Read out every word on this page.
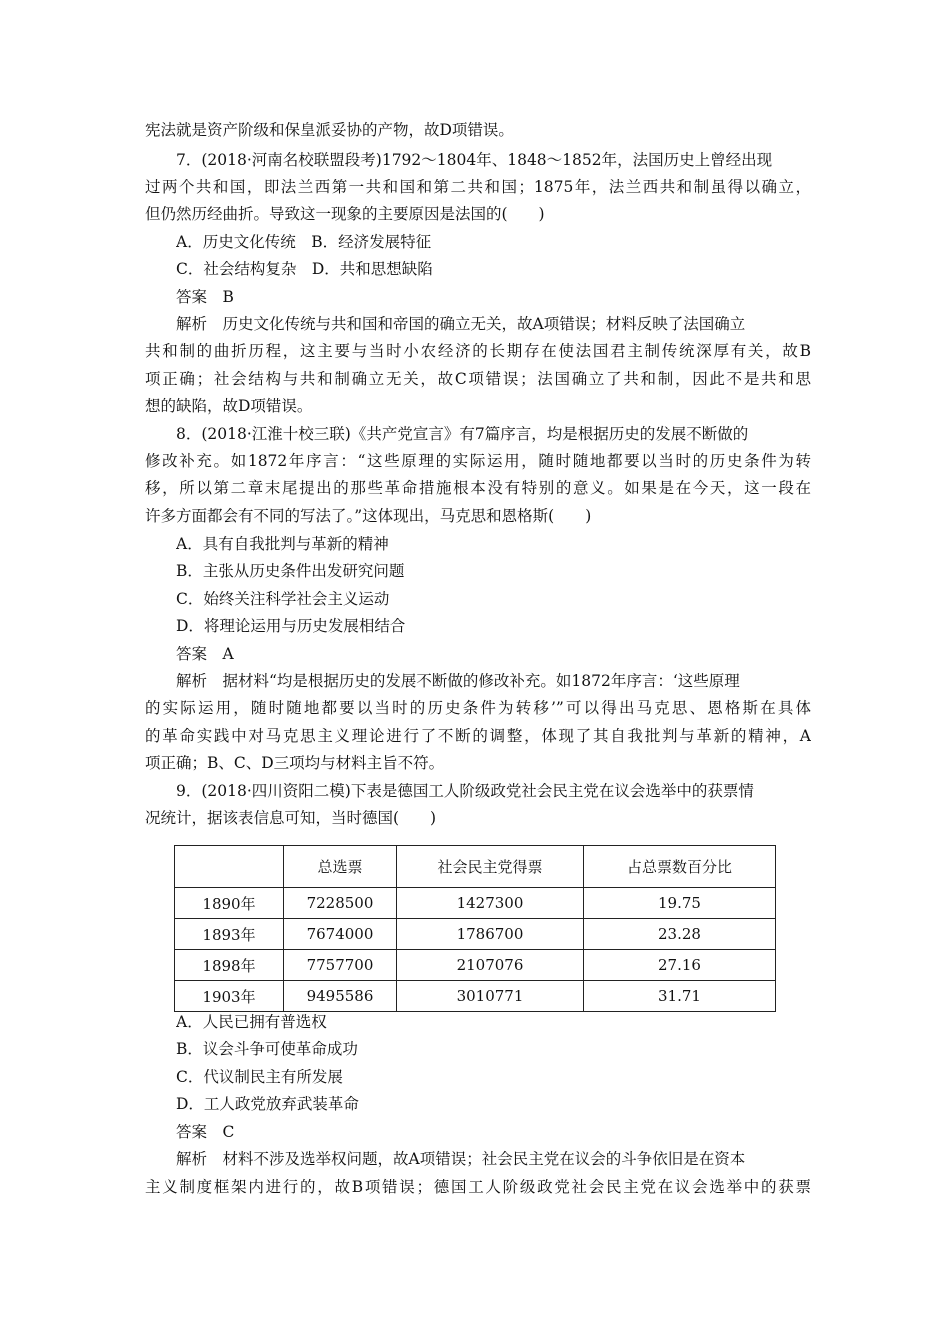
宪法就是资产阶级和保皇派妥协的产物，故D项错误。
7．(2018·河南名校联盟段考)1792～1804年、1848～1852年，法国历史上曾经出现
过两个共和国，即法兰西第一共和国和第二共和国；1875年，法兰西共和制虽得以确立，
但仍然历经曲折。导致这一现象的主要原因是法国的(　　)
A．历史文化传统　B．经济发展特征
C．社会结构复杂　D．共和思想缺陷
答案　B
解析　历史文化传统与共和国和帝国的确立无关，故A项错误；材料反映了法国确立
共和制的曲折历程，这主要与当时小农经济的长期存在使法国君主制传统深厚有关，故B
项正确；社会结构与共和制确立无关，故C项错误；法国确立了共和制，因此不是共和思
想的缺陷，故D项错误。
8．(2018·江淮十校三联)《共产党宣言》有7篇序言，均是根据历史的发展不断做的
修改补充。如1872年序言：“这些原理的实际运用，随时随地都要以当时的历史条件为转
移，所以第二章末尾提出的那些革命措施根本没有特别的意义。如果是在今天，这一段在
许多方面都会有不同的写法了。”这体现出，马克思和恩格斯(　　)
A．具有自我批判与革新的精神
B．主张从历史条件出发研究问题
C．始终关注科学社会主义运动
D．将理论运用与历史发展相结合
答案　A
解析　据材料“均是根据历史的发展不断做的修改补充。如1872年序言：‘这些原理
的实际运用，随时随地都要以当时的历史条件为转移’”可以得出马克思、恩格斯在具体
的革命实践中对马克思主义理论进行了不断的调整，体现了其自我批判与革新的精神，A
项正确；B、C、D三项均与材料主旨不符。
9．(2018·四川资阳二模)下表是德国工人阶级政党社会民主党在议会选举中的获票情
况统计，据该表信息可知，当时德国(　　)
	总选票	社会民主党得票	占总票数百分比
1890年	7228500	1427300	19.75
1893年	7674000	1786700	23.28
1898年	7757700	2107076	27.16
1903年	9495586	3010771	31.71
A．人民已拥有普选权
B．议会斗争可使革命成功
C．代议制民主有所发展
D．工人政党放弃武装革命
答案　C
解析　材料不涉及选举权问题，故A项错误；社会民主党在议会的斗争依旧是在资本
主义制度框架内进行的，故B项错误；德国工人阶级政党社会民主党在议会选举中的获票
